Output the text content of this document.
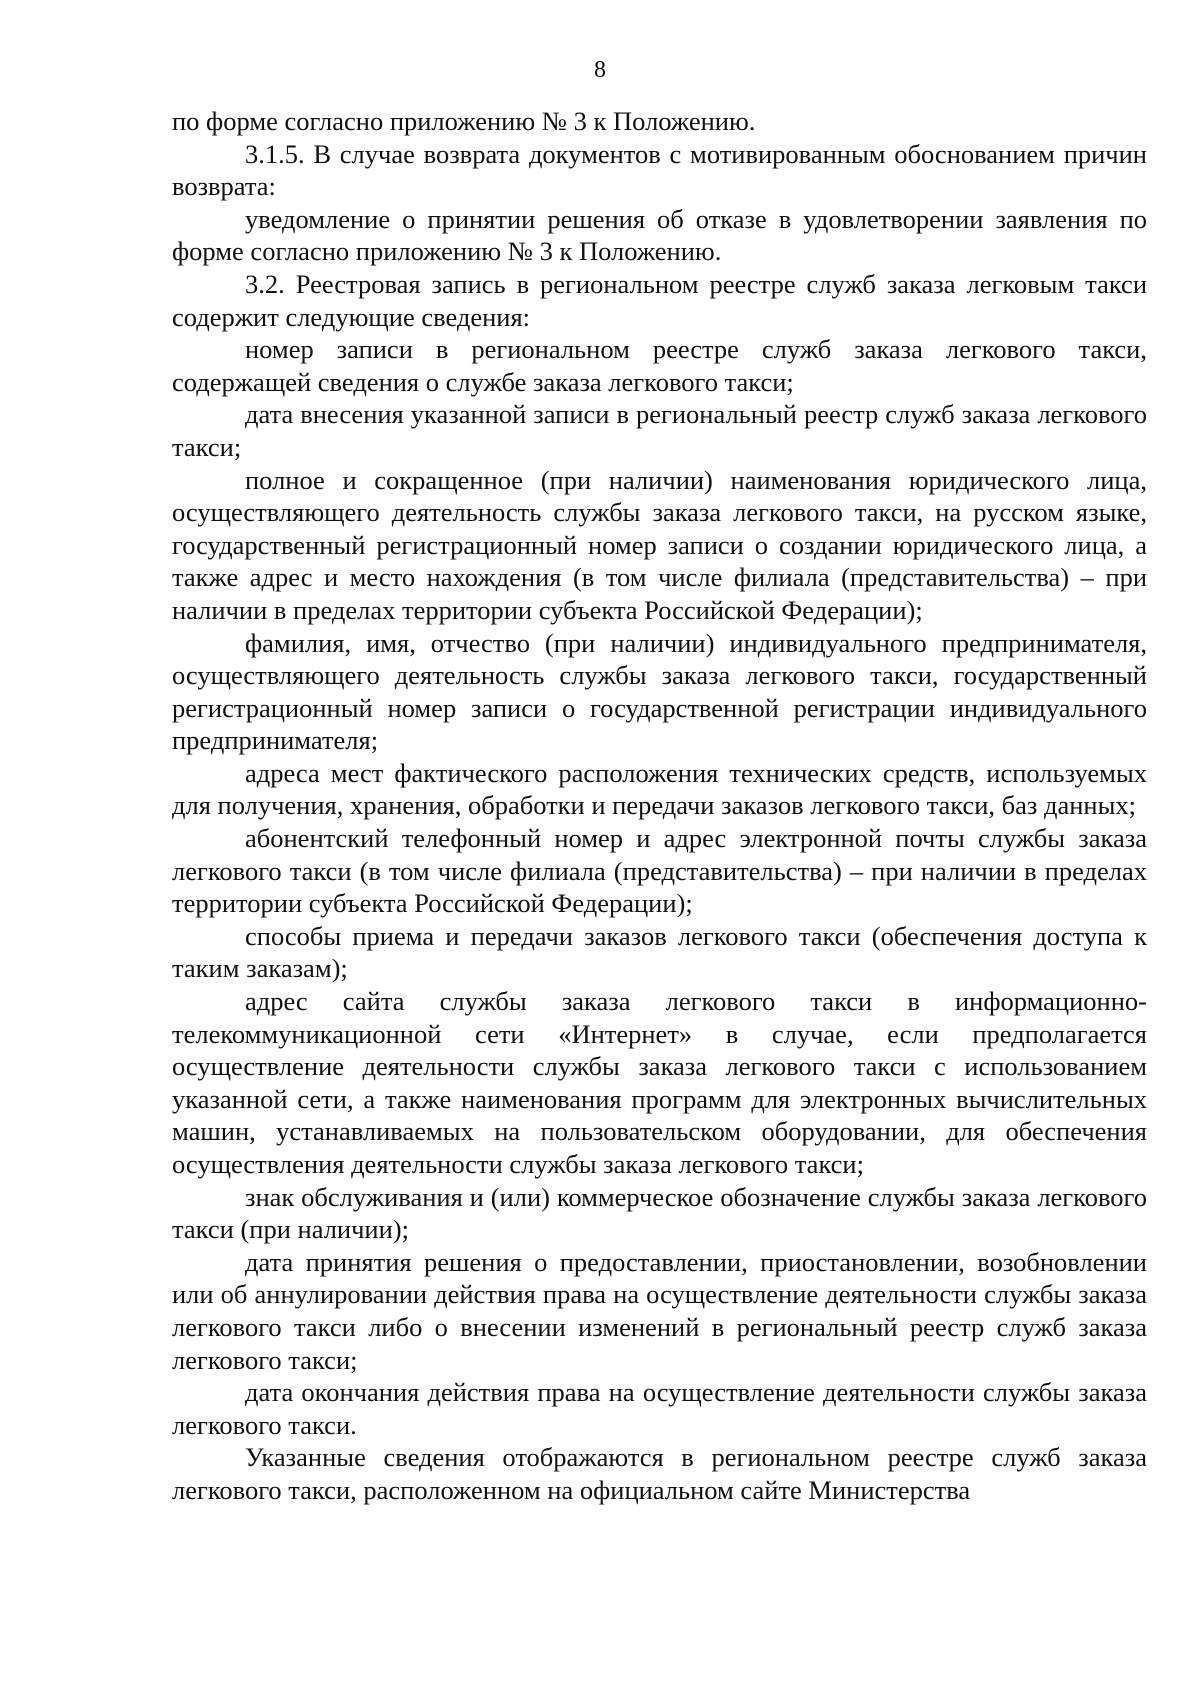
8

по форме согласно приложению № 3 к Положению.

3.1.5. В случае возврата документов с мотивированным обоснованием причин возврата:

уведомление о принятии решения об отказе в удовлетворении заявления по форме согласно приложению № 3 к Положению.

3.2. Реестровая запись в региональном реестре служб заказа легковым такси содержит следующие сведения:

номер записи в региональном реестре служб заказа легкового такси, содержащей сведения о службе заказа легкового такси;

дата внесения указанной записи в региональный реестр служб заказа легкового такси;

полное и сокращенное (при наличии) наименования юридического лица, осуществляющего деятельность службы заказа легкового такси, на русском языке, государственный регистрационный номер записи о создании юридического лица, а также адрес и место нахождения (в том числе филиала (представительства) – при наличии в пределах территории субъекта Российской Федерации);

фамилия, имя, отчество (при наличии) индивидуального предпринимателя, осуществляющего деятельность службы заказа легкового такси, государственный регистрационный номер записи о государственной регистрации индивидуального предпринимателя;

адреса мест фактического расположения технических средств, используемых для получения, хранения, обработки и передачи заказов легкового такси, баз данных;

абонентский телефонный номер и адрес электронной почты службы заказа легкового такси (в том числе филиала (представительства) – при наличии в пределах территории субъекта Российской Федерации);

способы приема и передачи заказов легкового такси (обеспечения доступа к таким заказам);

адрес сайта службы заказа легкового такси в информационно-телекоммуникационной сети «Интернет» в случае, если предполагается осуществление деятельности службы заказа легкового такси с использованием указанной сети, а также наименования программ для электронных вычислительных машин, устанавливаемых на пользовательском оборудовании, для обеспечения осуществления деятельности службы заказа легкового такси;

знак обслуживания и (или) коммерческое обозначение службы заказа легкового такси (при наличии);

дата принятия решения о предоставлении, приостановлении, возобновлении или об аннулировании действия права на осуществление деятельности службы заказа легкового такси либо о внесении изменений в региональный реестр служб заказа легкового такси;

дата окончания действия права на осуществление деятельности службы заказа легкового такси.

Указанные сведения отображаются в региональном реестре служб заказа легкового такси, расположенном на официальном сайте Министерства
